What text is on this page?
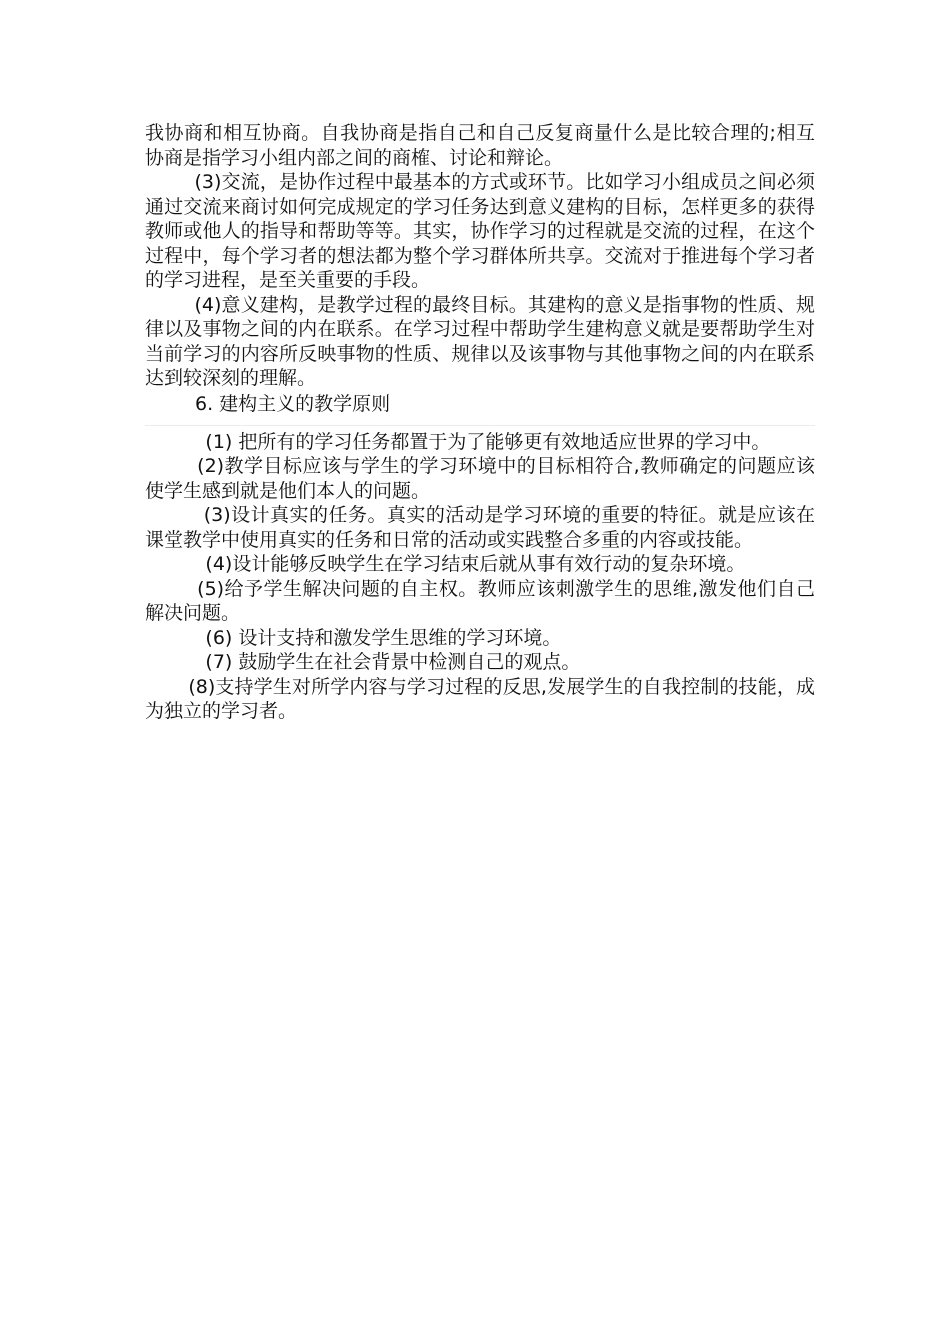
我协商和相互协商。自我协商是指自己和自己反复商量什么是比较合理的;相互协商是指学习小组内部之间的商榷、讨论和辩论。

(3)交流，是协作过程中最基本的方式或环节。比如学习小组成员之间必须通过交流来商讨如何完成规定的学习任务达到意义建构的目标，怎样更多的获得教师或他人的指导和帮助等等。其实，协作学习的过程就是交流的过程，在这个过程中，每个学习者的想法都为整个学习群体所共享。交流对于推进每个学习者的学习进程，是至关重要的手段。

(4)意义建构，是教学过程的最终目标。其建构的意义是指事物的性质、规律以及事物之间的内在联系。在学习过程中帮助学生建构意义就是要帮助学生对当前学习的内容所反映事物的性质、规律以及该事物与其他事物之间的内在联系达到较深刻的理解。

6. 建构主义的教学原则

(1) 把所有的学习任务都置于为了能够更有效地适应世界的学习中。

(2)教学目标应该与学生的学习环境中的目标相符合,教师确定的问题应该使学生感到就是他们本人的问题。

(3)设计真实的任务。真实的活动是学习环境的重要的特征。就是应该在课堂教学中使用真实的任务和日常的活动或实践整合多重的内容或技能。

(4)设计能够反映学生在学习结束后就从事有效行动的复杂环境。

(5)给予学生解决问题的自主权。教师应该刺激学生的思维,激发他们自己解决问题。

(6) 设计支持和激发学生思维的学习环境。

(7) 鼓励学生在社会背景中检测自己的观点。

(8)支持学生对所学内容与学习过程的反思,发展学生的自我控制的技能，成为独立的学习者。
